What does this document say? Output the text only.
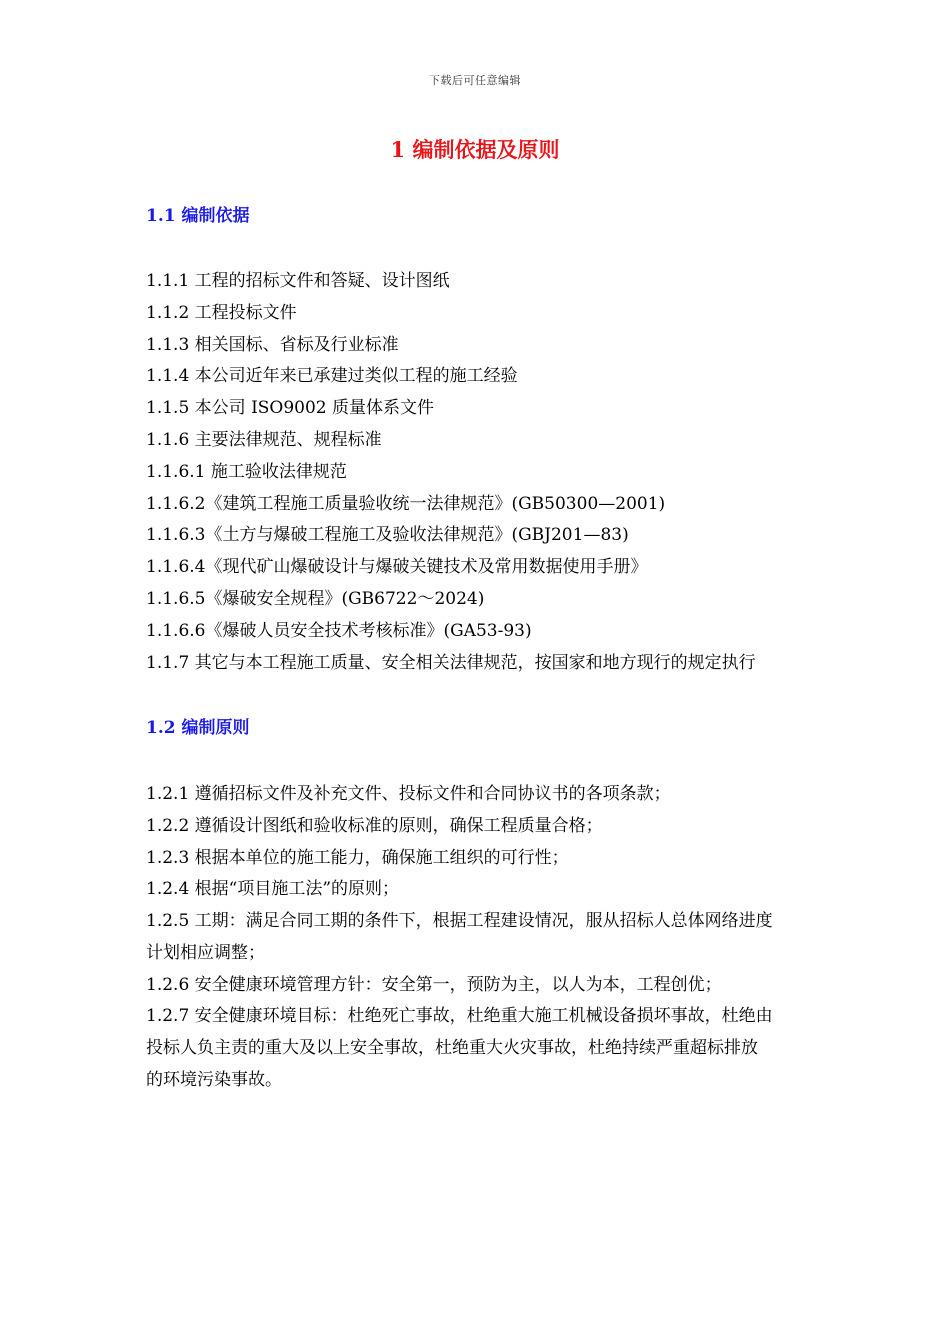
下载后可任意编辑
1 编制依据及原则
1.1 编制依据
1.1.1 工程的招标文件和答疑、设计图纸
1.1.2 工程投标文件
1.1.3 相关国标、省标及行业标准
1.1.4 本公司近年来已承建过类似工程的施工经验
1.1.5 本公司 ISO9002 质量体系文件
1.1.6 主要法律规范、规程标准
1.1.6.1 施工验收法律规范
1.1.6.2《建筑工程施工质量验收统一法律规范》(GB50300—2001)
1.1.6.3《土方与爆破工程施工及验收法律规范》(GBJ201—83)
1.1.6.4《现代矿山爆破设计与爆破关键技术及常用数据使用手册》
1.1.6.5《爆破安全规程》(GB6722～2024)
1.1.6.6《爆破人员安全技术考核标准》(GA53-93)
1.1.7 其它与本工程施工质量、安全相关法律规范，按国家和地方现行的规定执行
1.2 编制原则
1.2.1 遵循招标文件及补充文件、投标文件和合同协议书的各项条款；
1.2.2 遵循设计图纸和验收标准的原则，确保工程质量合格；
1.2.3 根据本单位的施工能力，确保施工组织的可行性；
1.2.4 根据“项目施工法”的原则；
1.2.5 工期：满足合同工期的条件下，根据工程建设情况，服从招标人总体网络进度
计划相应调整；
1.2.6 安全健康环境管理方针：安全第一，预防为主，以人为本，工程创优；
1.2.7 安全健康环境目标：杜绝死亡事故，杜绝重大施工机械设备损坏事故，杜绝由
投标人负主责的重大及以上安全事故，杜绝重大火灾事故，杜绝持续严重超标排放
的环境污染事故。
